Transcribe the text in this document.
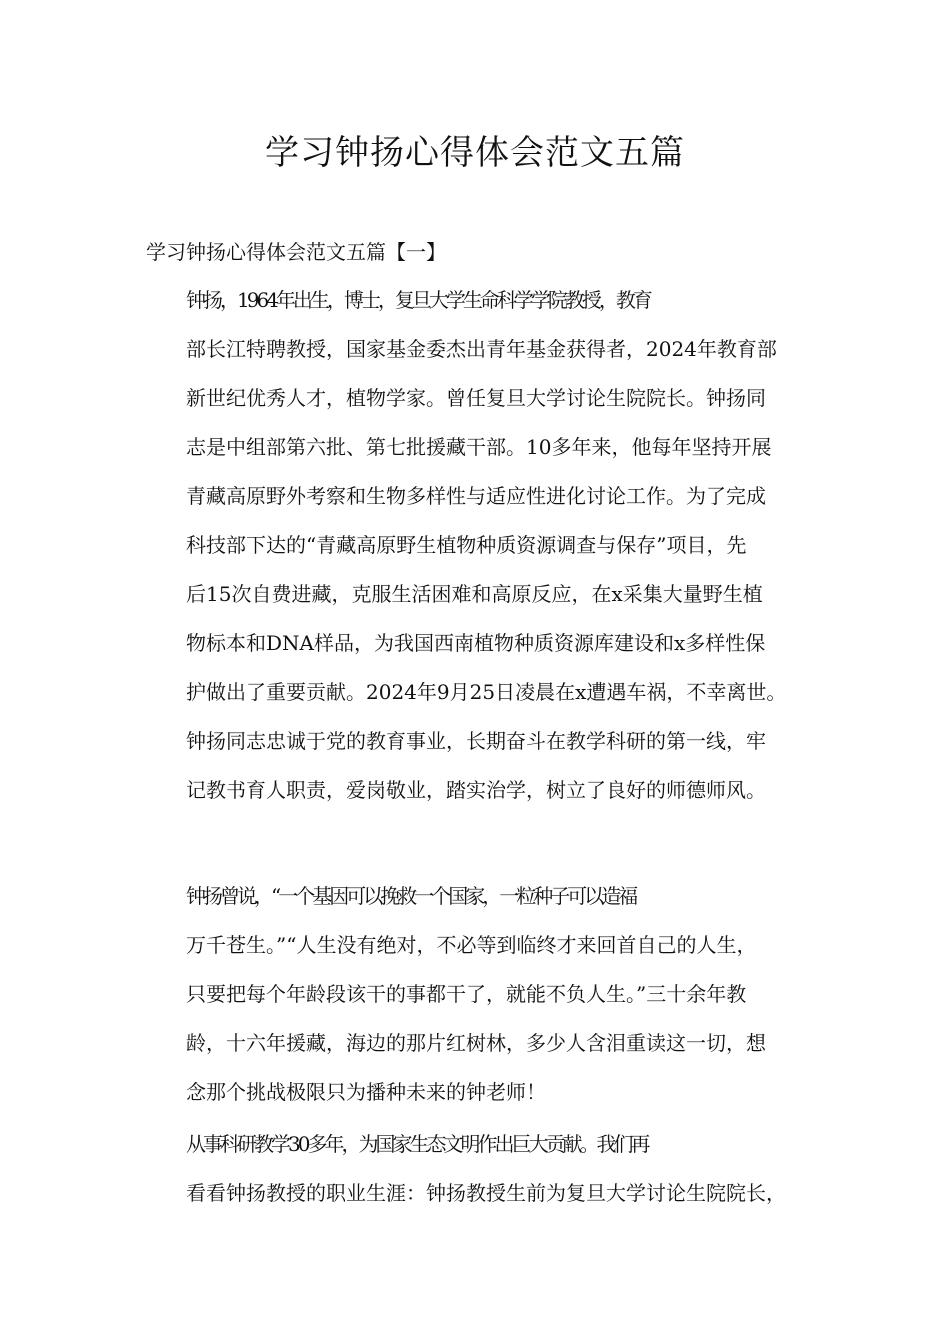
学习钟扬心得体会范文五篇
学习钟扬心得体会范文五篇【一】

钟扬，1964年出生，博士，复旦大学生命科学学院教授，教育
部长江特聘教授，国家基金委杰出青年基金获得者，2024年教育部
新世纪优秀人才，植物学家。曾任复旦大学讨论生院院长。钟扬同
志是中组部第六批、第七批援藏干部。10多年来，他每年坚持开展
青藏高原野外考察和生物多样性与适应性进化讨论工作。为了完成
科技部下达的“青藏高原野生植物种质资源调查与保存”项目，先
后15次自费进藏，克服生活困难和高原反应，在x采集大量野生植
物标本和DNA样品，为我国西南植物种质资源库建设和x多样性保
护做出了重要贡献。2024年9月25日凌晨在x遭遇车祸，不幸离世。
钟扬同志忠诚于党的教育事业，长期奋斗在教学科研的第一线，牢
记教书育人职责，爱岗敬业，踏实治学，树立了良好的师德师风。

钟扬曾说，“一个基因可以挽救一个国家，一粒种子可以造福
万千苍生。”“人生没有绝对，不必等到临终才来回首自己的人生，
只要把每个年龄段该干的事都干了，就能不负人生。”三十余年教
龄，十六年援藏，海边的那片红树林，多少人含泪重读这一切，想
念那个挑战极限只为播种未来的钟老师！

从事科研教学30多年，为国家生态文明作出巨大贡献。我们再
看看钟扬教授的职业生涯：钟扬教授生前为复旦大学讨论生院院长，
